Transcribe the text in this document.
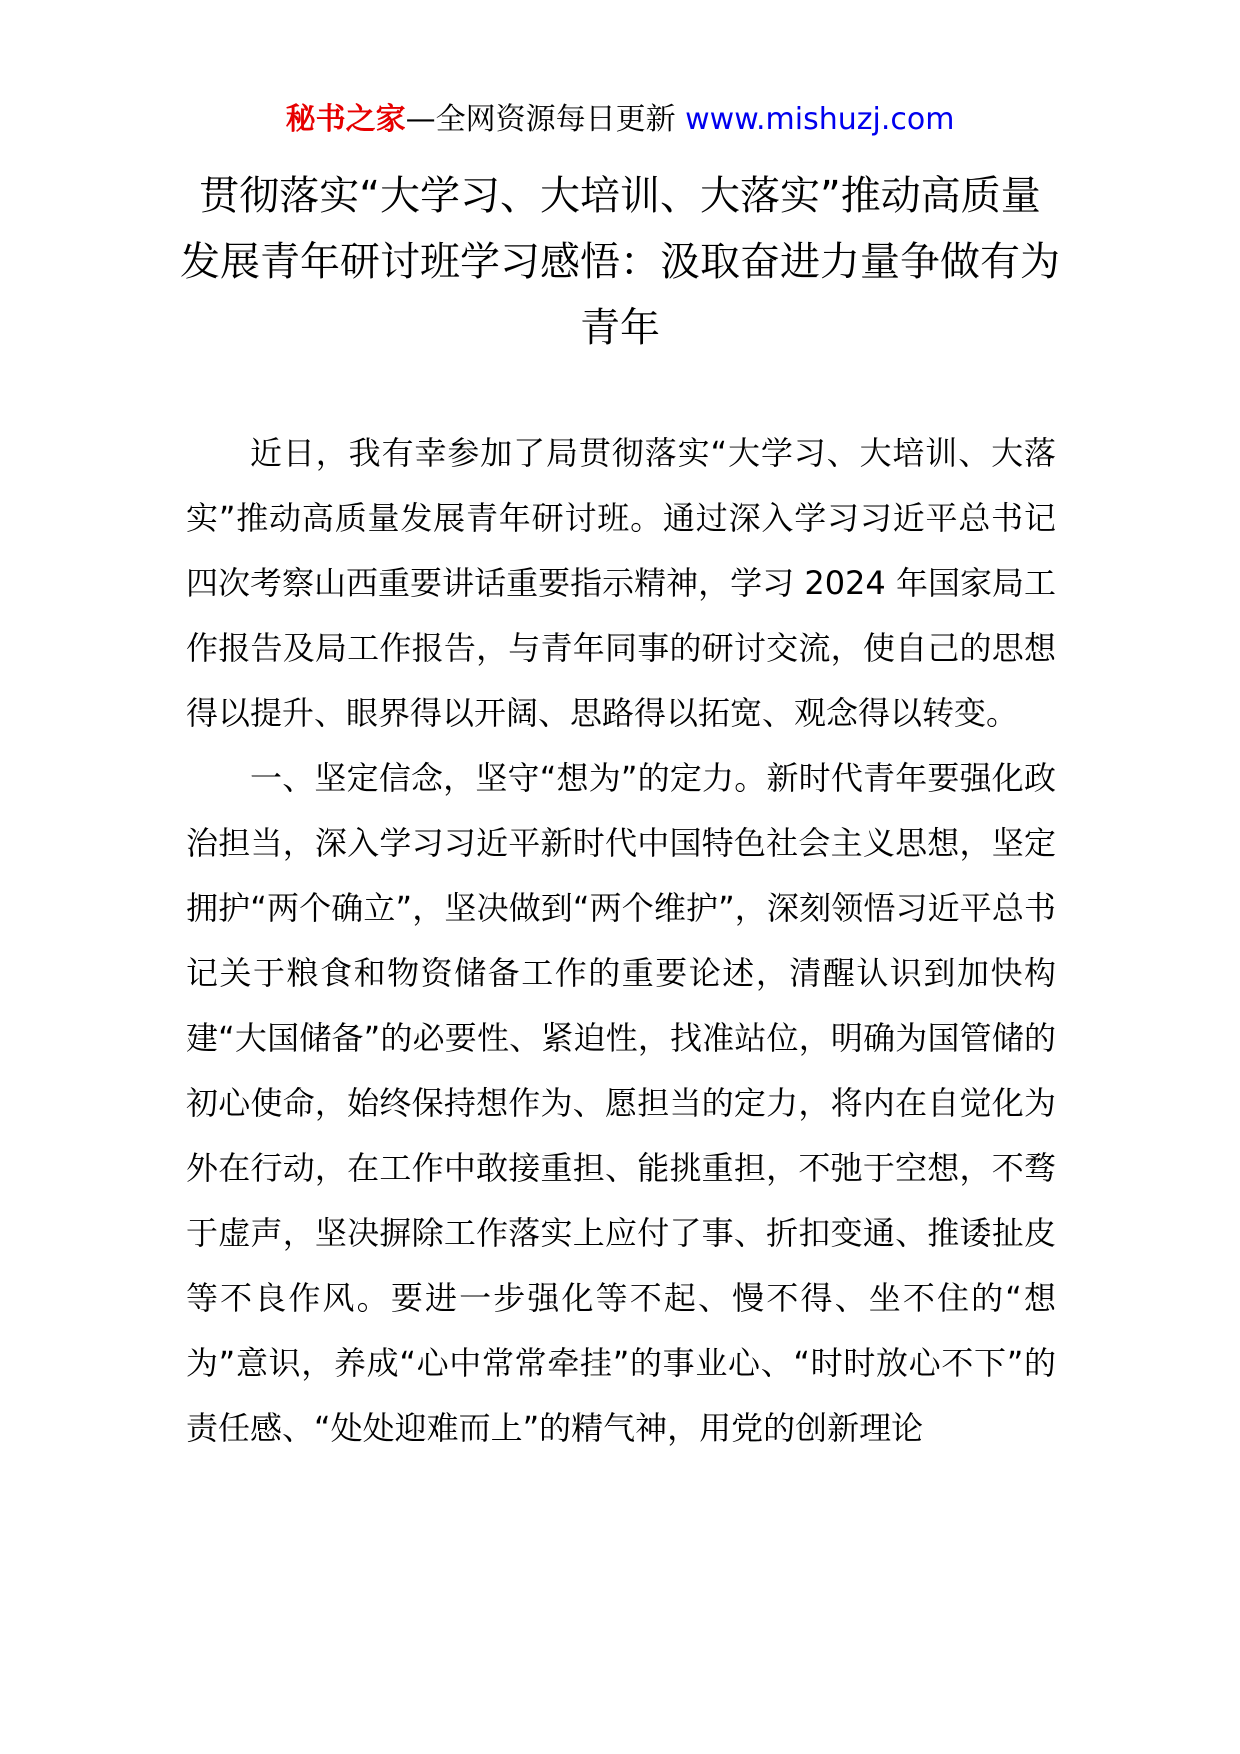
秘书之家—全网资源每日更新 www.mishuzj.com
贯彻落实“大学习、大培训、大落实”推动高质量发展青年研讨班学习感悟：汲取奋进力量争做有为青年

近日，我有幸参加了局贯彻落实“大学习、大培训、大落实”推动高质量发展青年研讨班。通过深入学习习近平总书记四次考察山西重要讲话重要指示精神，学习 2024 年国家局工作报告及局工作报告，与青年同事的研讨交流，使自己的思想得以提升、眼界得以开阔、思路得以拓宽、观念得以转变。

一、坚定信念，坚守“想为”的定力。新时代青年要强化政治担当，深入学习习近平新时代中国特色社会主义思想，坚定拥护“两个确立”，坚决做到“两个维护”，深刻领悟习近平总书记关于粮食和物资储备工作的重要论述，清醒认识到加快构建“大国储备”的必要性、紧迫性，找准站位，明确为国管储的初心使命，始终保持想作为、愿担当的定力，将内在自觉化为外在行动，在工作中敢接重担、能挑重担，不弛于空想，不骛于虚声，坚决摒除工作落实上应付了事、折扣变通、推诿扯皮等不良作风。要进一步强化等不起、慢不得、坐不住的“想为”意识，养成“心中常常牵挂”的事业心、“时时放心不下”的责任感、“处处迎难而上”的精气神，用党的创新理论
